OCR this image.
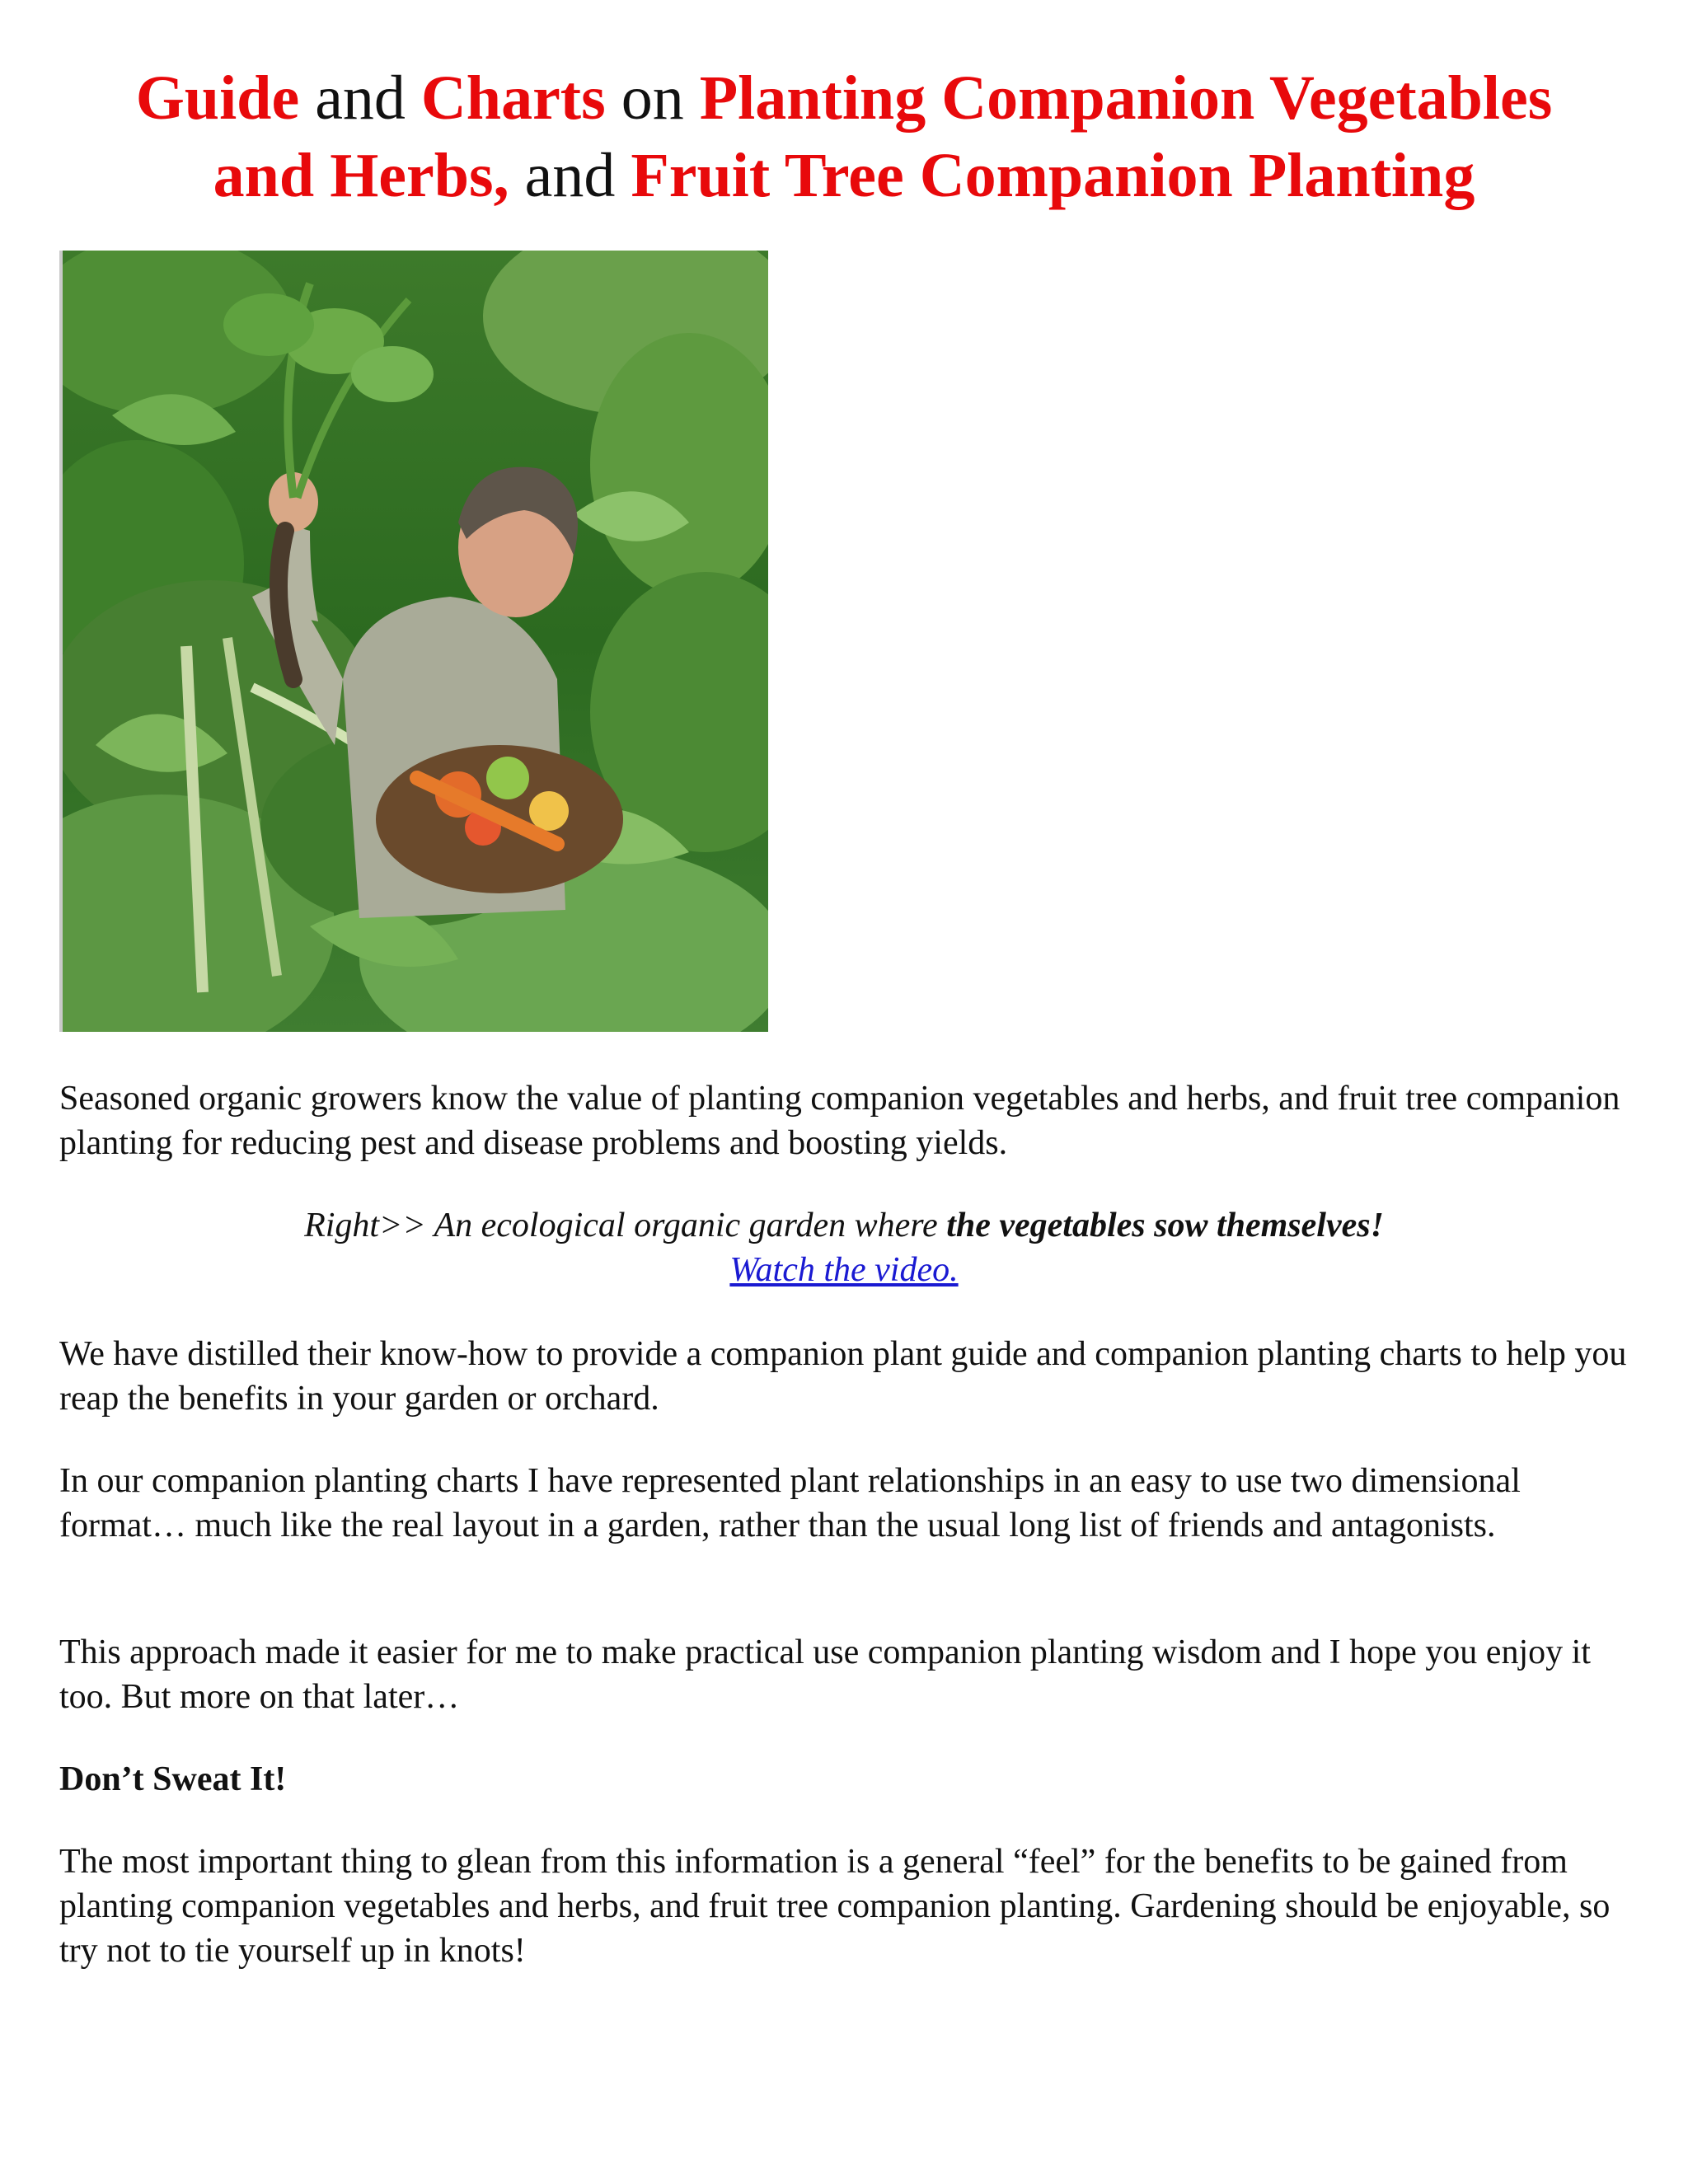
Guide and Charts on Planting Companion Vegetables
and Herbs, and Fruit Tree Companion Planting

Seasoned organic growers know the value of planting companion vegetables and herbs, and fruit tree companion planting for reducing pest and disease problems and boosting yields.

Right>> An ecological organic garden where the vegetables sow themselves!
Watch the video.

We have distilled their know-how to provide a companion plant guide and companion planting charts to help you reap the benefits in your garden or orchard.

In our companion planting charts I have represented plant relationships in an easy to use two dimensional format… much like the real layout in a garden, rather than the usual long list of friends and antagonists.

This approach made it easier for me to make practical use companion planting wisdom and I hope you enjoy it too. But more on that later…

Don’t Sweat It!

The most important thing to glean from this information is a general “feel” for the benefits to be gained from planting companion vegetables and herbs, and fruit tree companion planting. Gardening should be enjoyable, so try not to tie yourself up in knots!
